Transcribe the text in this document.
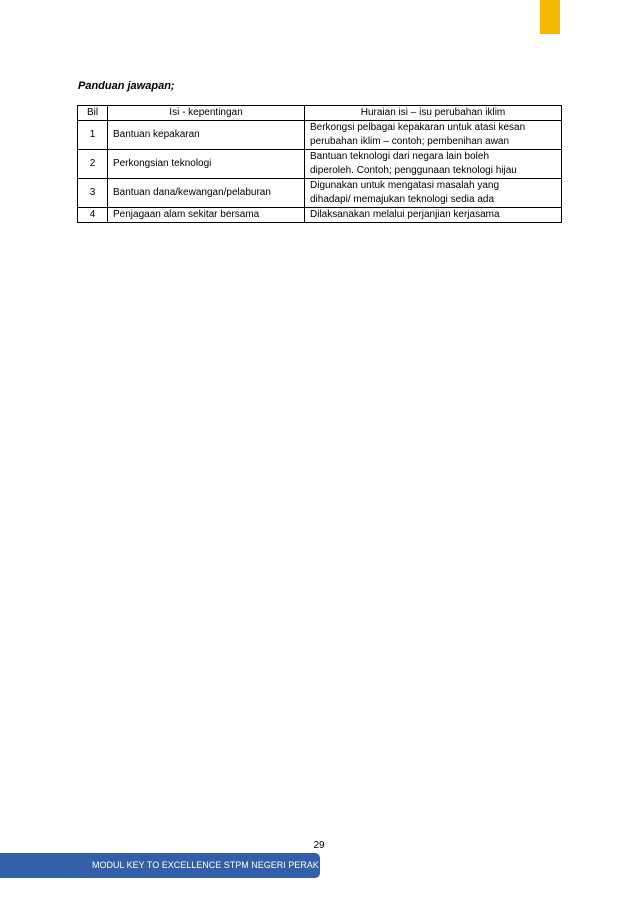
Panduan jawapan;

Bil	Isi - kepentingan	Huraian isi – isu perubahan iklim
1	Bantuan kepakaran	Berkongsi pelbagai kepakaran untuk atasi kesan
perubahan iklim – contoh; pembenihan awan
2	Perkongsian teknologi	Bantuan teknologi dari negara lain boleh
diperoleh. Contoh; penggunaan teknologi hijau
3	Bantuan dana/kewangan/pelaburan	Digunakan untuk mengatasi masalah yang
dihadapi/ memajukan teknologi sedia ada
4	Penjagaan alam sekitar bersama	Dilaksanakan melalui perjanjian kerjasama
29
MODUL KEY TO EXCELLENCE STPM NEGERI PERAK
